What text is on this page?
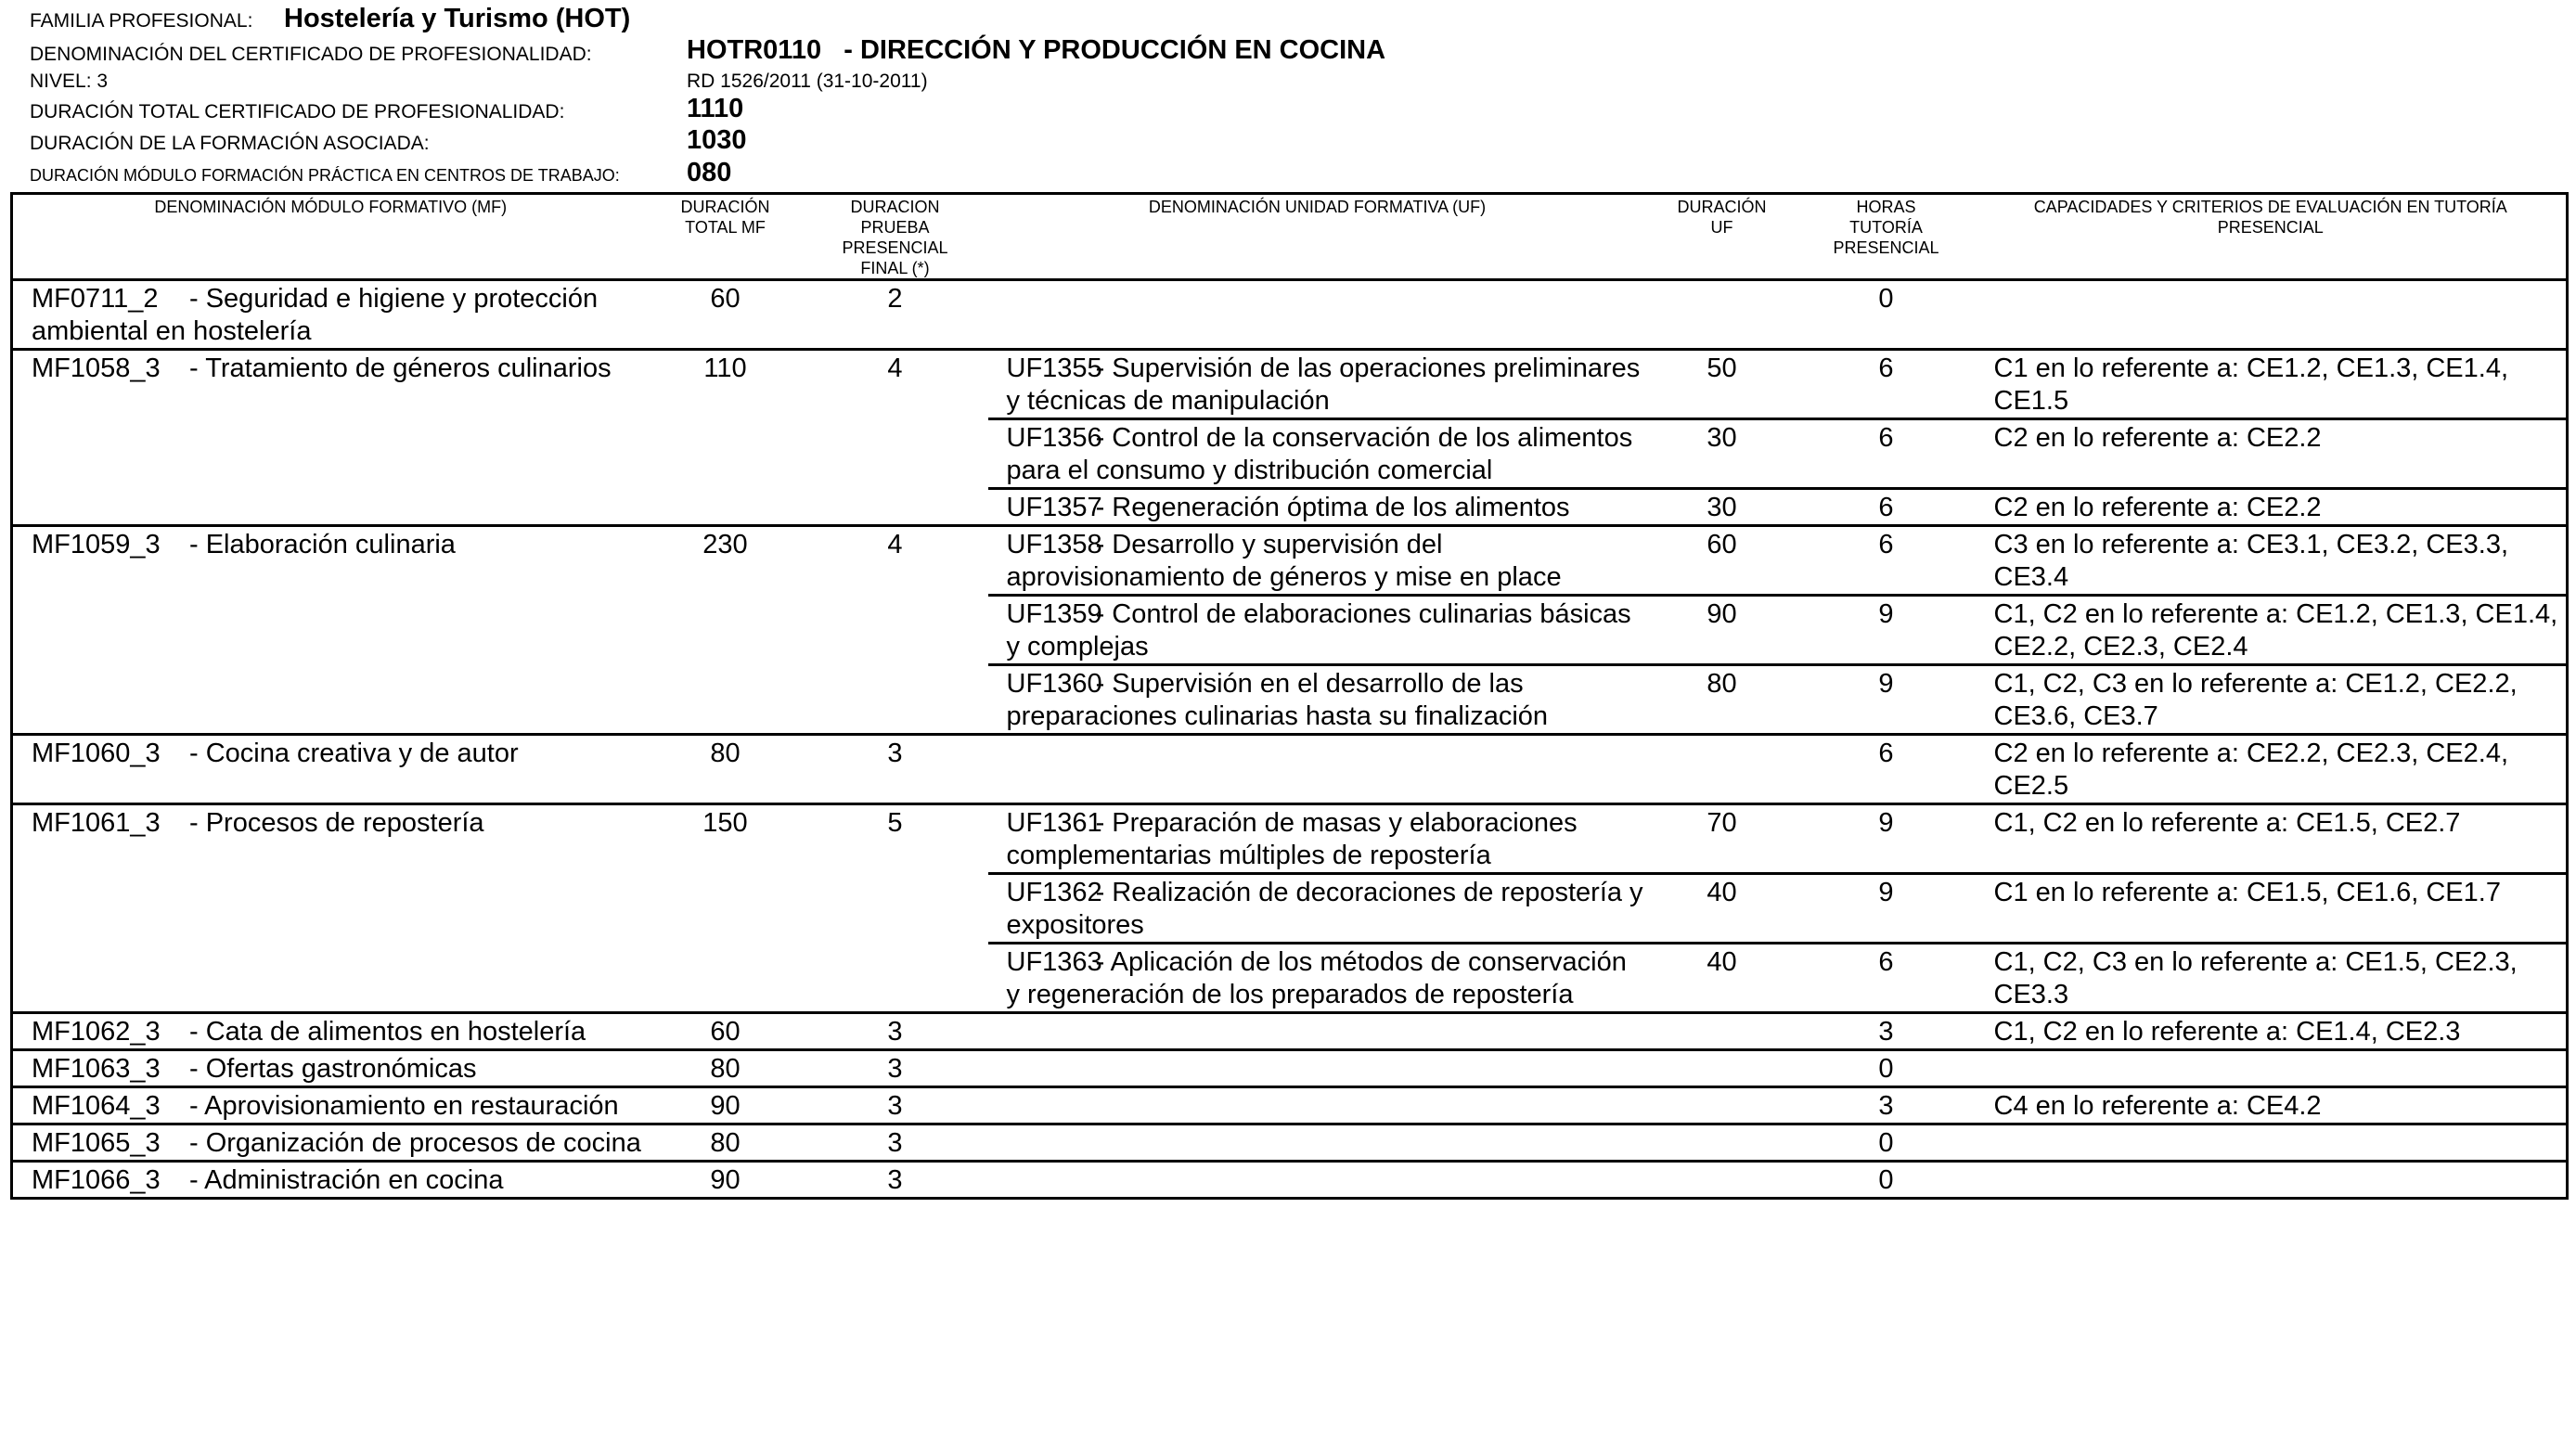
FAMILIA PROFESIONAL: Hostelería y Turismo (HOT)
DENOMINACIÓN DEL CERTIFICADO DE PROFESIONALIDAD:	HOTR0110   - DIRECCIÓN Y PRODUCCIÓN EN COCINA
NIVEL: 3	RD 1526/2011 (31-10-2011)
DURACIÓN TOTAL CERTIFICADO DE PROFESIONALIDAD:	1110
DURACIÓN DE LA FORMACIÓN ASOCIADA:	1030
DURACIÓN MÓDULO FORMACIÓN PRÁCTICA EN CENTROS DE TRABAJO: 080
DENOMINACIÓN MÓDULO FORMATIVO (MF)	DURACIÓN TOTAL MF	DURACION PRUEBA PRESENCIAL FINAL (*)	DENOMINACIÓN UNIDAD FORMATIVA (UF)	DURACIÓN UF	HORAS TUTORÍA PRESENCIAL	CAPACIDADES Y CRITERIOS DE EVALUACIÓN EN TUTORÍA PRESENCIAL

MF0711_2 - Seguridad e higiene y protección ambiental en hostelería	60	2			0	
MF1058_3 - Tratamiento de géneros culinarios	110	4	UF1355 - Supervisión de las operaciones preliminares y técnicas de manipulación	50	6	C1 en lo referente a: CE1.2, CE1.3, CE1.4, CE1.5
			UF1356 - Control de la conservación de los alimentos para el consumo y distribución comercial	30	6	C2 en lo referente a: CE2.2
			UF1357 - Regeneración óptima de los alimentos	30	6	C2 en lo referente a: CE2.2
MF1059_3 - Elaboración culinaria	230	4	UF1358 - Desarrollo y supervisión del aprovisionamiento de géneros y mise en place	60	6	C3 en lo referente a: CE3.1, CE3.2, CE3.3, CE3.4
			UF1359 - Control de elaboraciones culinarias básicas y complejas	90	9	C1, C2 en lo referente a: CE1.2, CE1.3, CE1.4, CE2.2, CE2.3, CE2.4
			UF1360 - Supervisión en el desarrollo de las preparaciones culinarias hasta su finalización	80	9	C1, C2, C3 en lo referente a: CE1.2, CE2.2, CE3.6, CE3.7
MF1060_3 - Cocina creativa y de autor	80	3			6	C2 en lo referente a: CE2.2, CE2.3, CE2.4, CE2.5
MF1061_3 - Procesos de repostería	150	5	UF1361 - Preparación de masas y elaboraciones complementarias múltiples de repostería	70	9	C1, C2 en lo referente a: CE1.5, CE2.7
			UF1362 - Realización de decoraciones de repostería y expositores	40	9	C1 en lo referente a: CE1.5, CE1.6, CE1.7
			UF1363 - Aplicación de los métodos de conservación y regeneración de los preparados de repostería	40	6	C1, C2, C3 en lo referente a: CE1.5, CE2.3, CE3.3
MF1062_3 - Cata de alimentos en hostelería	60	3			3	C1, C2 en lo referente a: CE1.4, CE2.3
MF1063_3 - Ofertas gastronómicas	80	3			0	
MF1064_3 - Aprovisionamiento en restauración	90	3			3	C4 en lo referente a: CE4.2
MF1065_3 - Organización de procesos de cocina	80	3			0	
MF1066_3 - Administración en cocina	90	3			0	
